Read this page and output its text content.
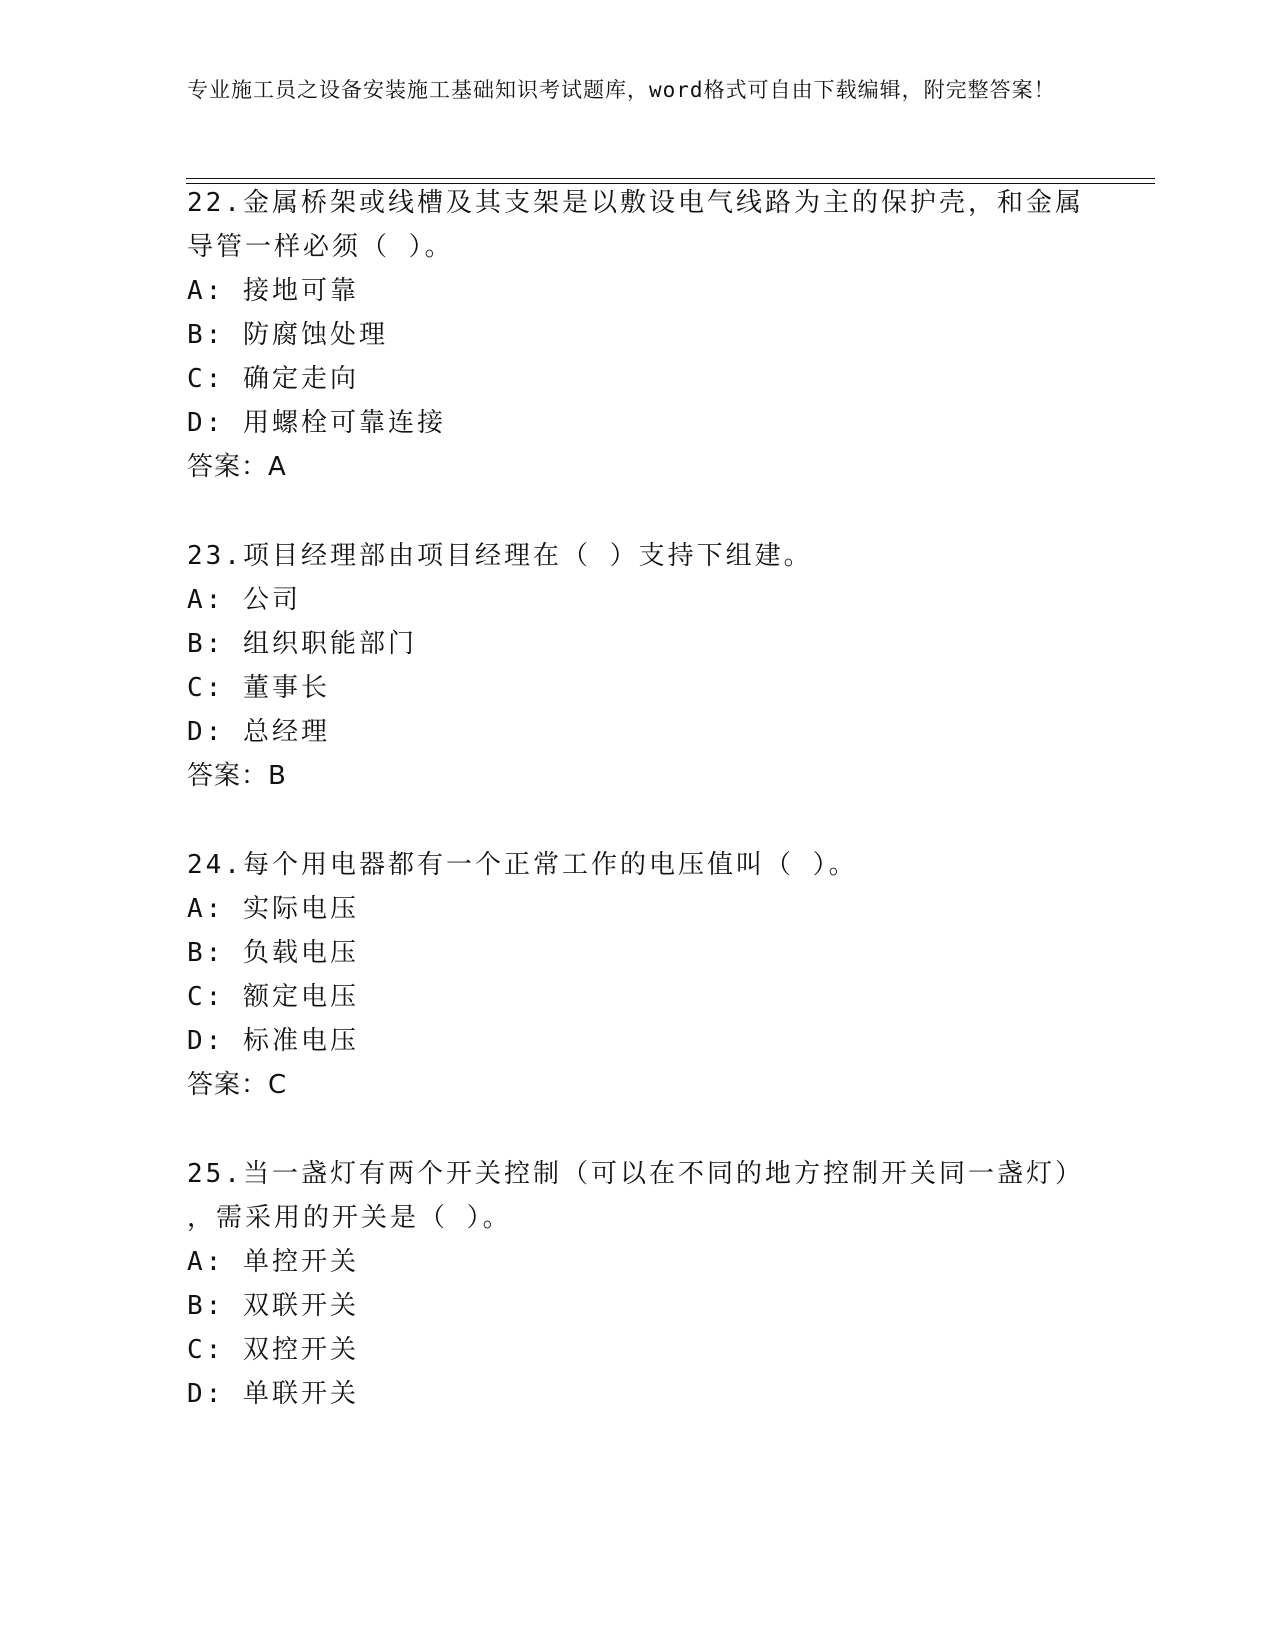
专业施工员之设备安装施工基础知识考试题库，word格式可自由下载编辑，附完整答案！
22.金属桥架或线槽及其支架是以敷设电气线路为主的保护壳，和金属
导管一样必须（ ）。
A: 接地可靠
B: 防腐蚀处理
C: 确定走向
D: 用螺栓可靠连接
答案：A
23.项目经理部由项目经理在（ ）支持下组建。
A: 公司
B: 组织职能部门
C: 董事长
D: 总经理
答案：B
24.每个用电器都有一个正常工作的电压值叫（ ）。
A: 实际电压
B: 负载电压
C: 额定电压
D: 标准电压
答案：C
25.当一盏灯有两个开关控制（可以在不同的地方控制开关同一盏灯）
，需采用的开关是（ ）。
A: 单控开关
B: 双联开关
C: 双控开关
D: 单联开关
